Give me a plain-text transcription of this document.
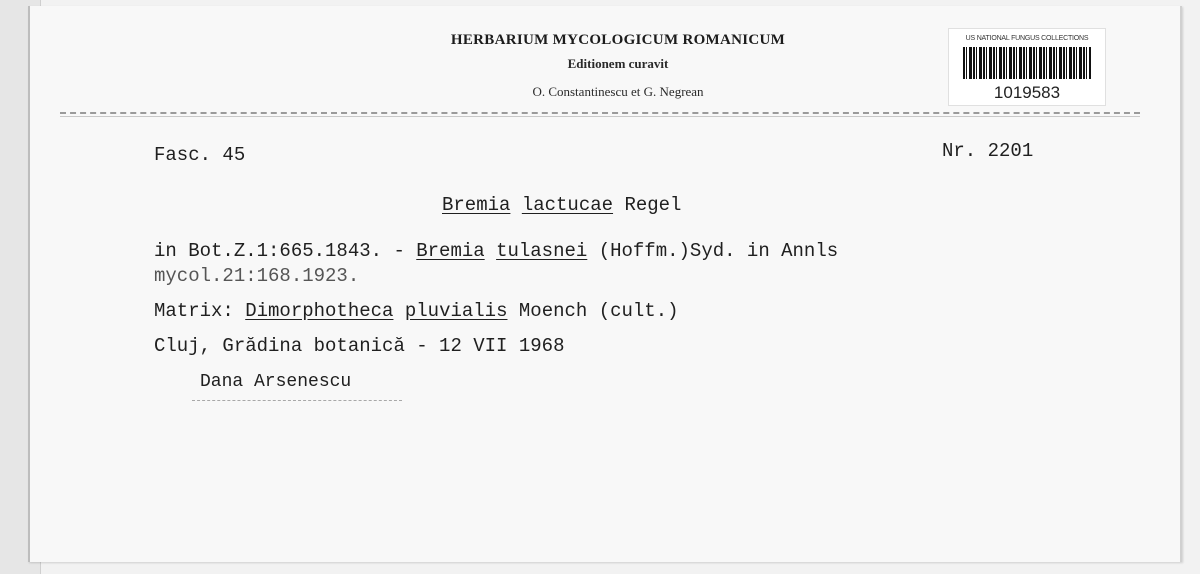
HERBARIUM MYCOLOGICUM ROMANICUM
Editionem curavit
O. Constantinescu et G. Negrean
US NATIONAL FUNGUS COLLECTIONS
1019583
Fasc. 45	Nr. 2201
Bremia lactucae Regel
in Bot.Z.1:665.1843. - Bremia tulasnei (Hoffm.)Syd. in Annls
mycol.21:168.1923.
Matrix: Dimorphotheca pluvialis Moench (cult.)
Cluj, Grădina botanică - 12 VII 1968
Dana Arsenescu
